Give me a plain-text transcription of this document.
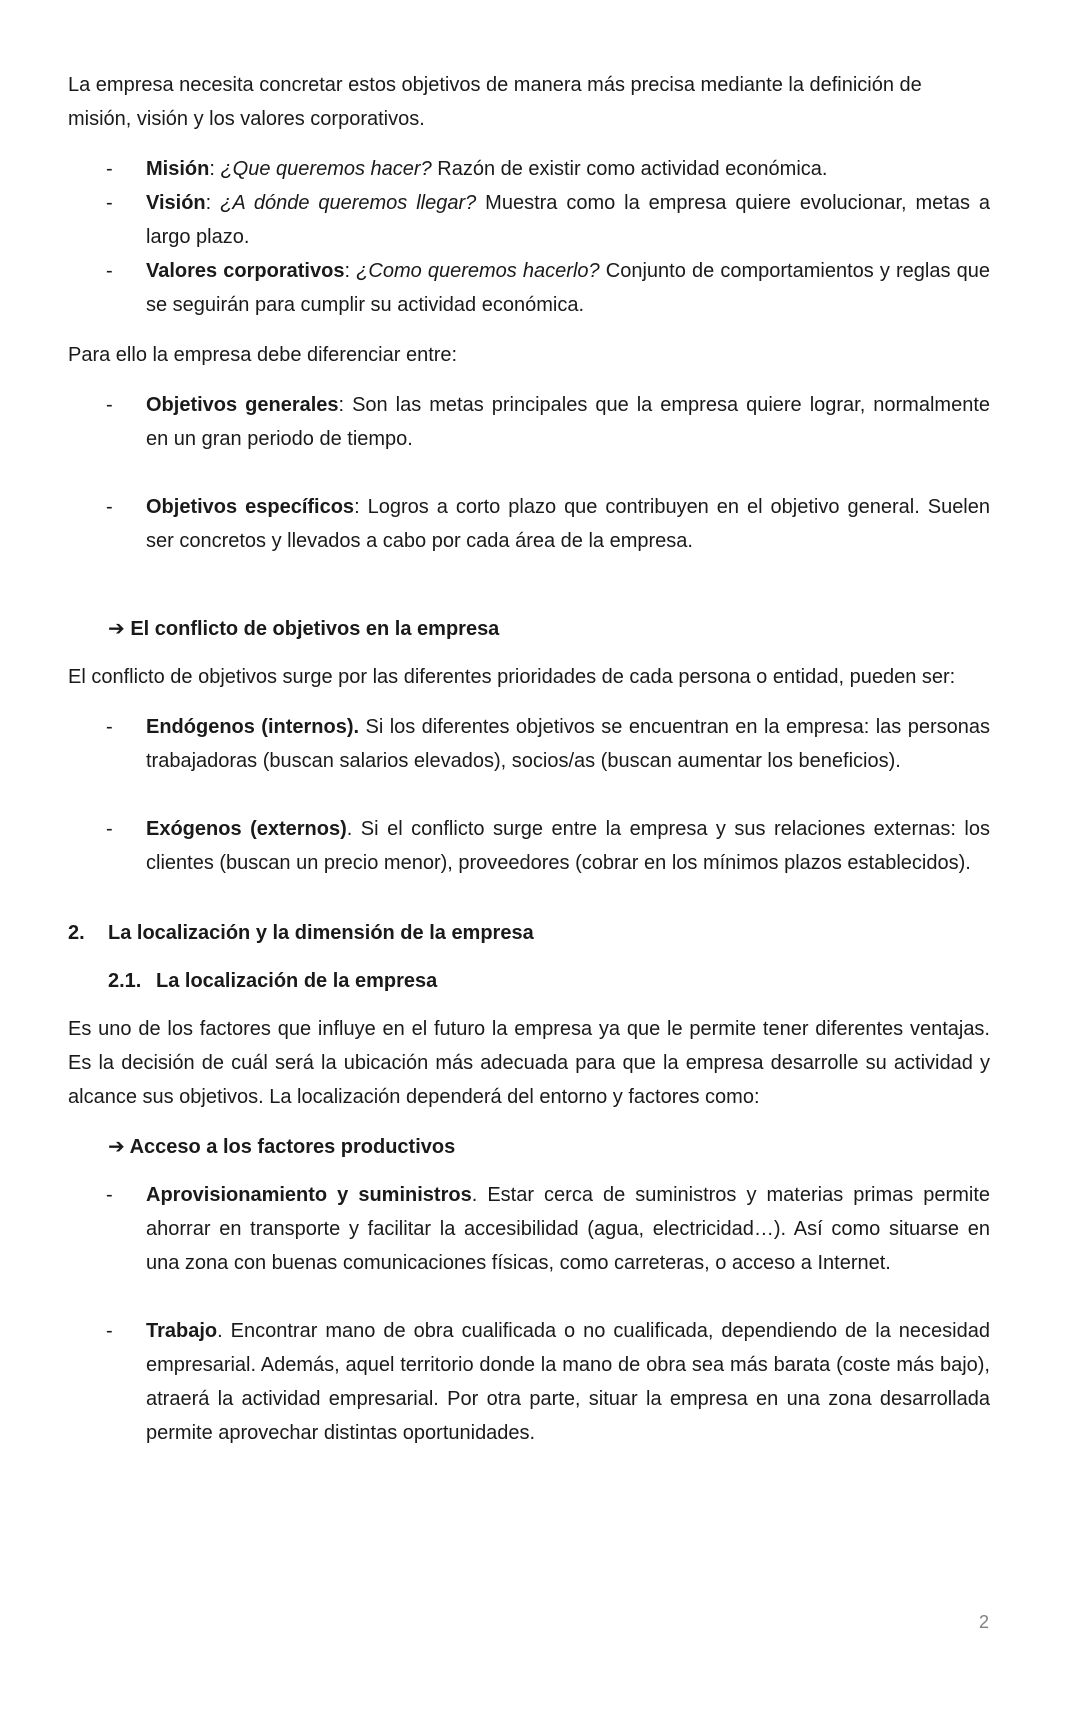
La empresa necesita concretar estos objetivos de manera más precisa mediante la definición de misión, visión y los valores corporativos.

- Misión: ¿Que queremos hacer? Razón de existir como actividad económica.
- Visión: ¿A dónde queremos llegar? Muestra como la empresa quiere evolucionar, metas a largo plazo.
- Valores corporativos: ¿Como queremos hacerlo? Conjunto de comportamientos y reglas que se seguirán para cumplir su actividad económica.

Para ello la empresa debe diferenciar entre:

- Objetivos generales: Son las metas principales que la empresa quiere lograr, normalmente en un gran periodo de tiempo.
- Objetivos específicos: Logros a corto plazo que contribuyen en el objetivo general. Suelen ser concretos y llevados a cabo por cada área de la empresa.
➔ El conflicto de objetivos en la empresa

El conflicto de objetivos surge por las diferentes prioridades de cada persona o entidad, pueden ser:

- Endógenos (internos). Si los diferentes objetivos se encuentran en la empresa: las personas trabajadoras (buscan salarios elevados), socios/as (buscan aumentar los beneficios).
- Exógenos (externos). Si el conflicto surge entre la empresa y sus relaciones externas: los clientes (buscan un precio menor), proveedores (cobrar en los mínimos plazos establecidos).
2. La localización y la dimensión de la empresa
2.1. La localización de la empresa

Es uno de los factores que influye en el futuro la empresa ya que le permite tener diferentes ventajas. Es la decisión de cuál será la ubicación más adecuada para que la empresa desarrolle su actividad y alcance sus objetivos. La localización dependerá del entorno y factores como:

➔ Acceso a los factores productivos
- Aprovisionamiento y suministros. Estar cerca de suministros y materias primas permite ahorrar en transporte y facilitar la accesibilidad (agua, electricidad…). Así como situarse en una zona con buenas comunicaciones físicas, como carreteras, o acceso a Internet.
- Trabajo. Encontrar mano de obra cualificada o no cualificada, dependiendo de la necesidad empresarial. Además, aquel territorio donde la mano de obra sea más barata (coste más bajo), atraerá la actividad empresarial. Por otra parte, situar la empresa en una zona desarrollada permite aprovechar distintas oportunidades.
2
